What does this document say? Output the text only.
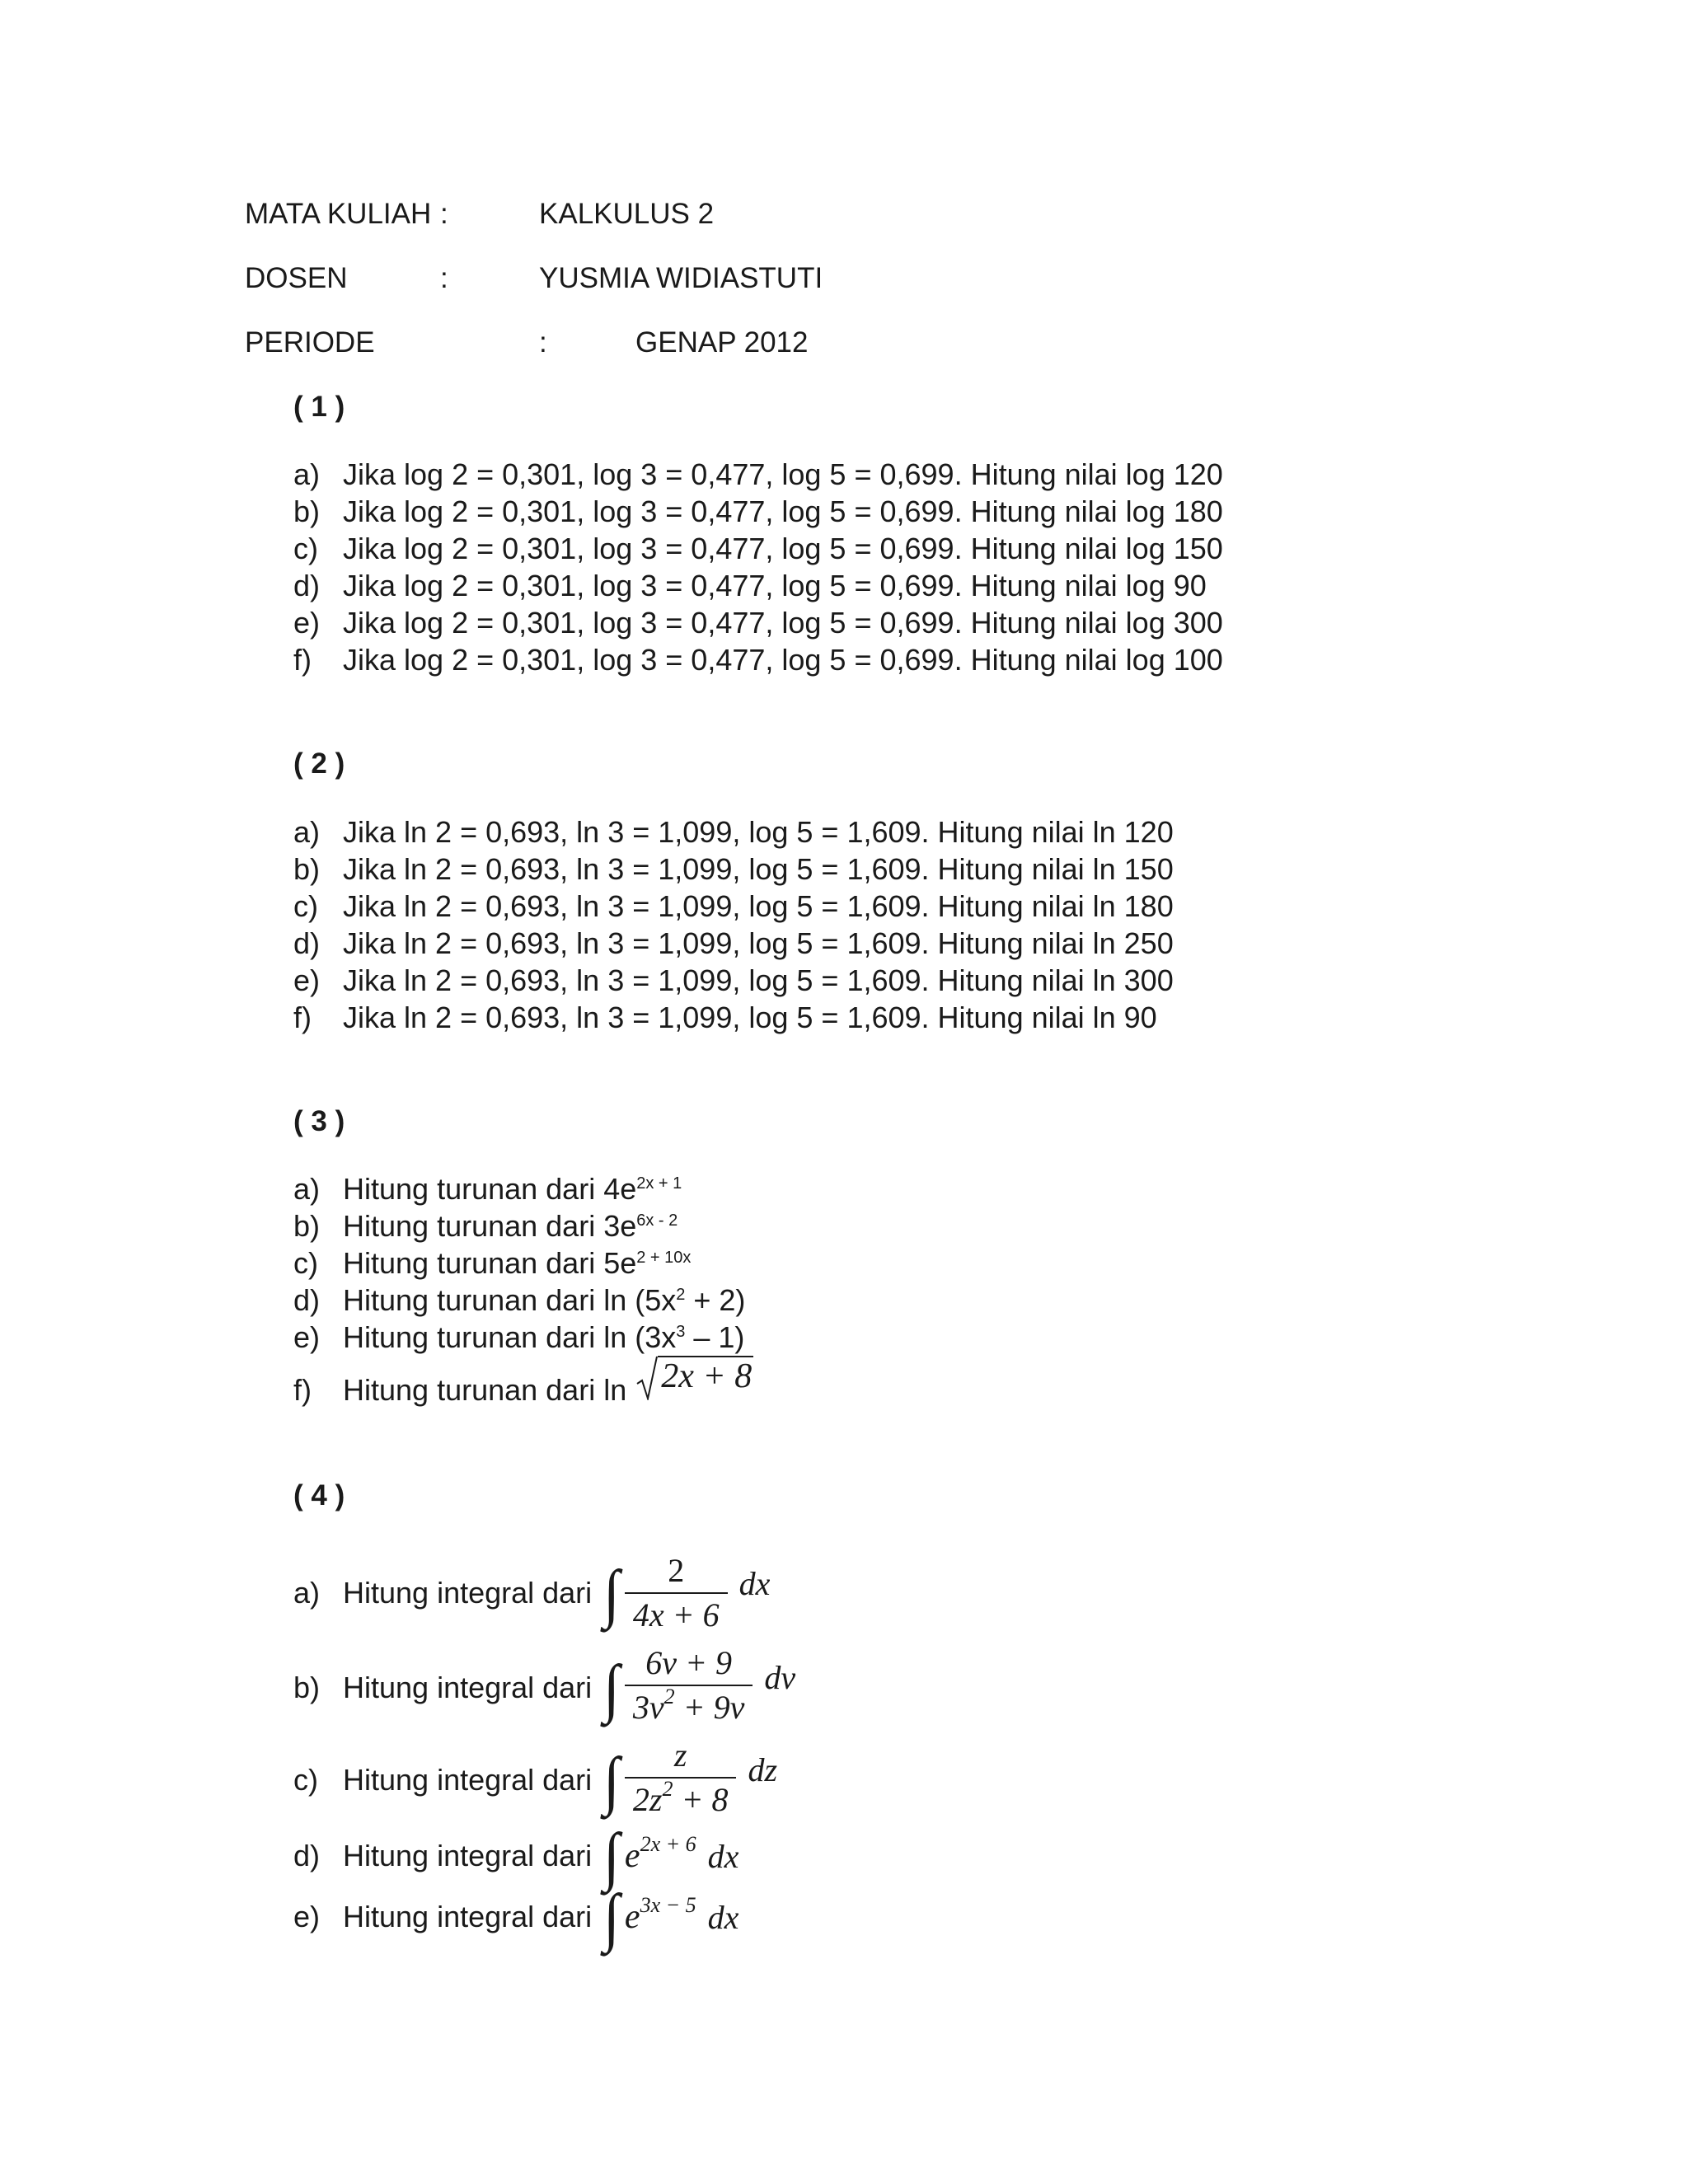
MATA KULIAH :	KALKULUS 2
DOSEN	:	YUSMIA WIDIASTUTI
PERIODE	:	GENAP 2012
( 1 )
a) Jika log 2 = 0,301, log 3 = 0,477, log 5 = 0,699. Hitung nilai log 120
b) Jika log 2 = 0,301, log 3 = 0,477, log 5 = 0,699. Hitung nilai log 180
c) Jika log 2 = 0,301, log 3 = 0,477, log 5 = 0,699. Hitung nilai log 150
d) Jika log 2 = 0,301, log 3 = 0,477, log 5 = 0,699. Hitung nilai log 90
e) Jika log 2 = 0,301, log 3 = 0,477, log 5 = 0,699. Hitung nilai log 300
f) Jika log 2 = 0,301, log 3 = 0,477, log 5 = 0,699. Hitung nilai log 100
( 2 )
a) Jika ln 2 = 0,693, ln 3 = 1,099, log 5 = 1,609. Hitung nilai ln 120
b) Jika ln 2 = 0,693, ln 3 = 1,099, log 5 = 1,609. Hitung nilai ln 150
c) Jika ln 2 = 0,693, ln 3 = 1,099, log 5 = 1,609. Hitung nilai ln 180
d) Jika ln 2 = 0,693, ln 3 = 1,099, log 5 = 1,609. Hitung nilai ln 250
e) Jika ln 2 = 0,693, ln 3 = 1,099, log 5 = 1,609. Hitung nilai ln 300
f) Jika ln 2 = 0,693, ln 3 = 1,099, log 5 = 1,609. Hitung nilai ln 90
( 3 )
a) Hitung turunan dari $4e^{2x + 1}$
b) Hitung turunan dari $3e^{6x - 2}$
c) Hitung turunan dari $5e^{2 + 10x}$
d) Hitung turunan dari $\ln (5x^2 + 2)$
e) Hitung turunan dari $\ln (3x^3 - 1)$
f) Hitung turunan dari ln 2x + 8
( 4 )
a) Hitung integral dari ∫ $\frac{2}{4x + 6}$ dx
b) Hitung integral dari ∫ $\frac{6v + 9}{3v^2 + 9v}$ dv
c) Hitung integral dari ∫ $\frac{z}{2z^2 + 8}$ dz
d) Hitung integral dari ∫ e 2x + 6 dx
e) Hitung integral dari ∫ e 3x − 5 dx
